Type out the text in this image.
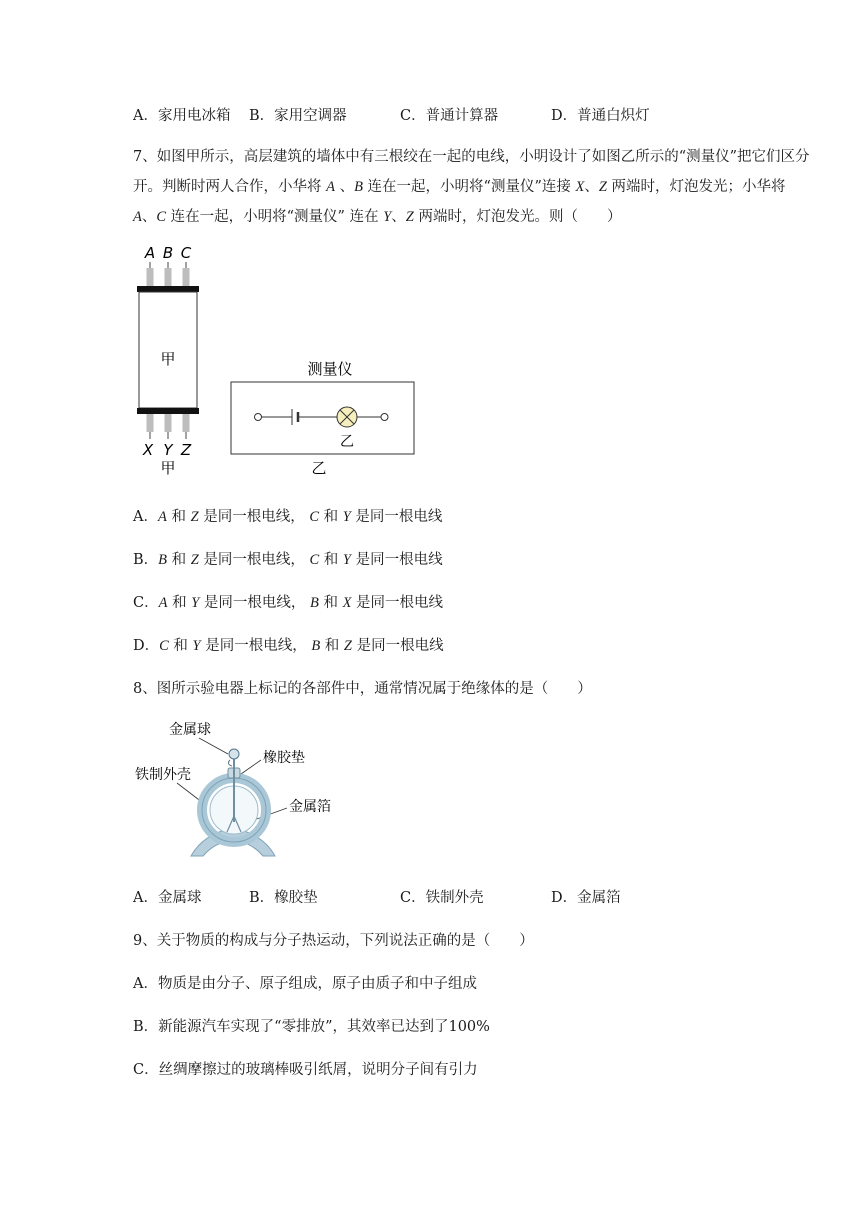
A．家用电冰箱 B．家用空调器	C．普通计算器	D．普通白炽灯
7、如图甲所示，高层建筑的墙体中有三根绞在一起的电线，小明设计了如图乙所示的“测量仪”把它们区分开。判断时两人合作，小华将 A 、B 连在一起，小明将“测量仪”连接 X、Z 两端时，灯泡发光；小华将 A、C 连在一起，小明将“测量仪” 连在 Y、Z 两端时，灯泡发光。则（　　）
A B C
甲
X Y Z
甲
测量仪
乙
乙
A．A 和 Z 是同一根电线， C 和 Y 是同一根电线
B．B 和 Z 是同一根电线， C 和 Y 是同一根电线
C．A 和 Y 是同一根电线， B 和 X 是同一根电线
D．C 和 Y 是同一根电线， B 和 Z 是同一根电线
8、图所示验电器上标记的各部件中，通常情况属于绝缘体的是（　　）
金属球
橡胶垫
铁制外壳
金属箔
A．金属球	B．橡胶垫	C．铁制外壳	D．金属箔
9、关于物质的构成与分子热运动，下列说法正确的是（　　）
A．物质是由分子、原子组成，原子由质子和中子组成
B．新能源汽车实现了“零排放”，其效率已达到了100%
C．丝绸摩擦过的玻璃棒吸引纸屑，说明分子间有引力
